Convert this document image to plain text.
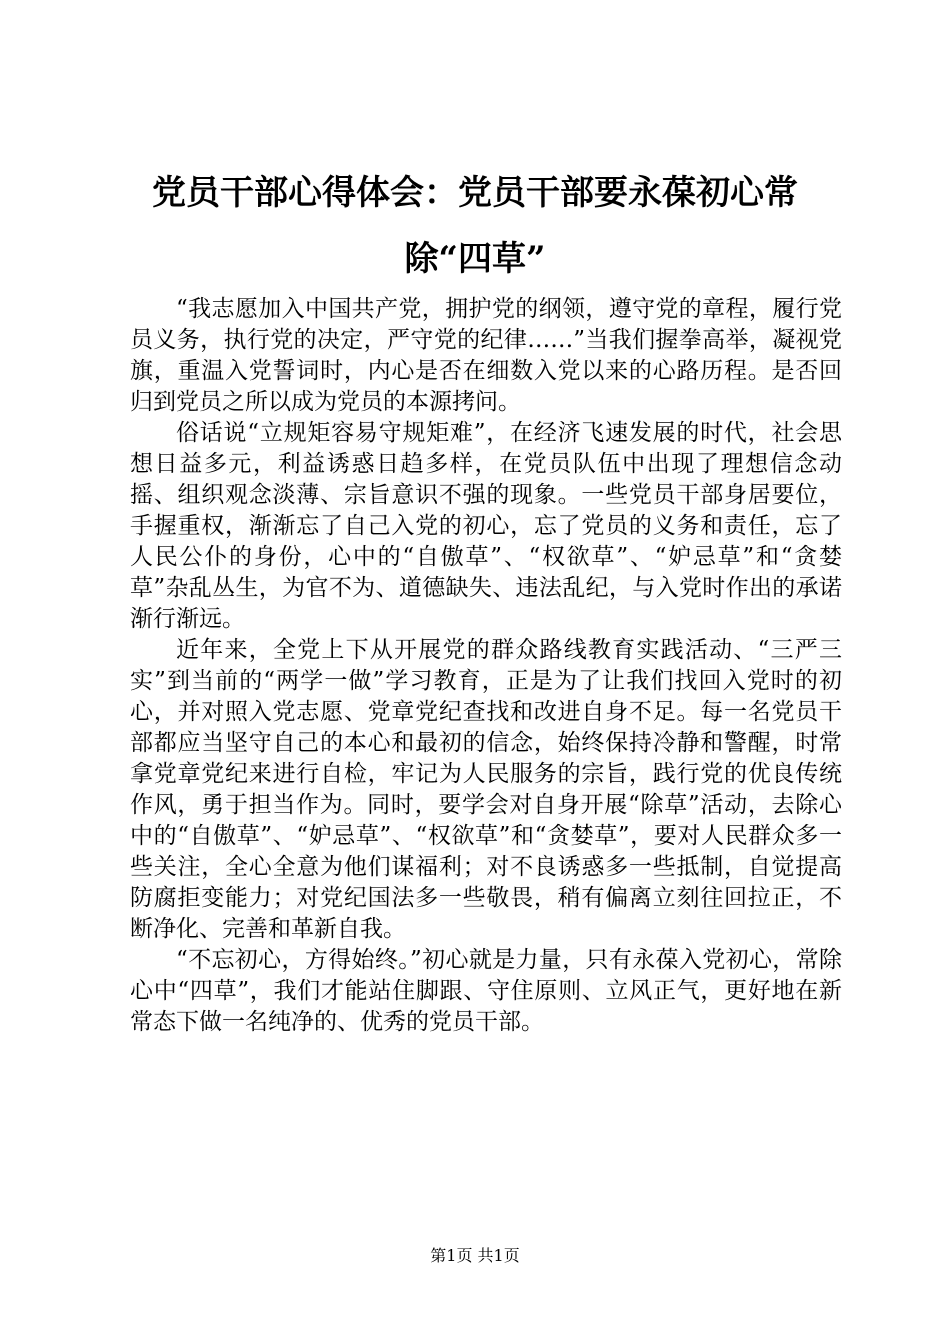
党员干部心得体会：党员干部要永葆初心常除“四草”

“我志愿加入中国共产党，拥护党的纲领，遵守党的章程，履行党员义务，执行党的决定，严守党的纪律……”当我们握拳高举，凝视党旗，重温入党誓词时，内心是否在细数入党以来的心路历程。是否回归到党员之所以成为党员的本源拷问。

俗话说“立规矩容易守规矩难”，在经济飞速发展的时代，社会思想日益多元，利益诱惑日趋多样，在党员队伍中出现了理想信念动摇、组织观念淡薄、宗旨意识不强的现象。一些党员干部身居要位，手握重权，渐渐忘了自己入党的初心，忘了党员的义务和责任，忘了人民公仆的身份，心中的“自傲草”、“权欲草”、“妒忌草”和“贪婪草”杂乱丛生，为官不为、道德缺失、违法乱纪，与入党时作出的承诺渐行渐远。

近年来，全党上下从开展党的群众路线教育实践活动、“三严三实”到当前的“两学一做”学习教育，正是为了让我们找回入党时的初心，并对照入党志愿、党章党纪查找和改进自身不足。每一名党员干部都应当坚守自己的本心和最初的信念，始终保持冷静和警醒，时常拿党章党纪来进行自检，牢记为人民服务的宗旨，践行党的优良传统作风，勇于担当作为。同时，要学会对自身开展“除草”活动，去除心中的“自傲草”、“妒忌草”、“权欲草”和“贪婪草”，要对人民群众多一些关注，全心全意为他们谋福利；对不良诱惑多一些抵制，自觉提高防腐拒变能力；对党纪国法多一些敬畏，稍有偏离立刻往回拉正，不断净化、完善和革新自我。

“不忘初心，方得始终。”初心就是力量，只有永葆入党初心，常除心中“四草”，我们才能站住脚跟、守住原则、立风正气，更好地在新常态下做一名纯净的、优秀的党员干部。

第1页 共1页
